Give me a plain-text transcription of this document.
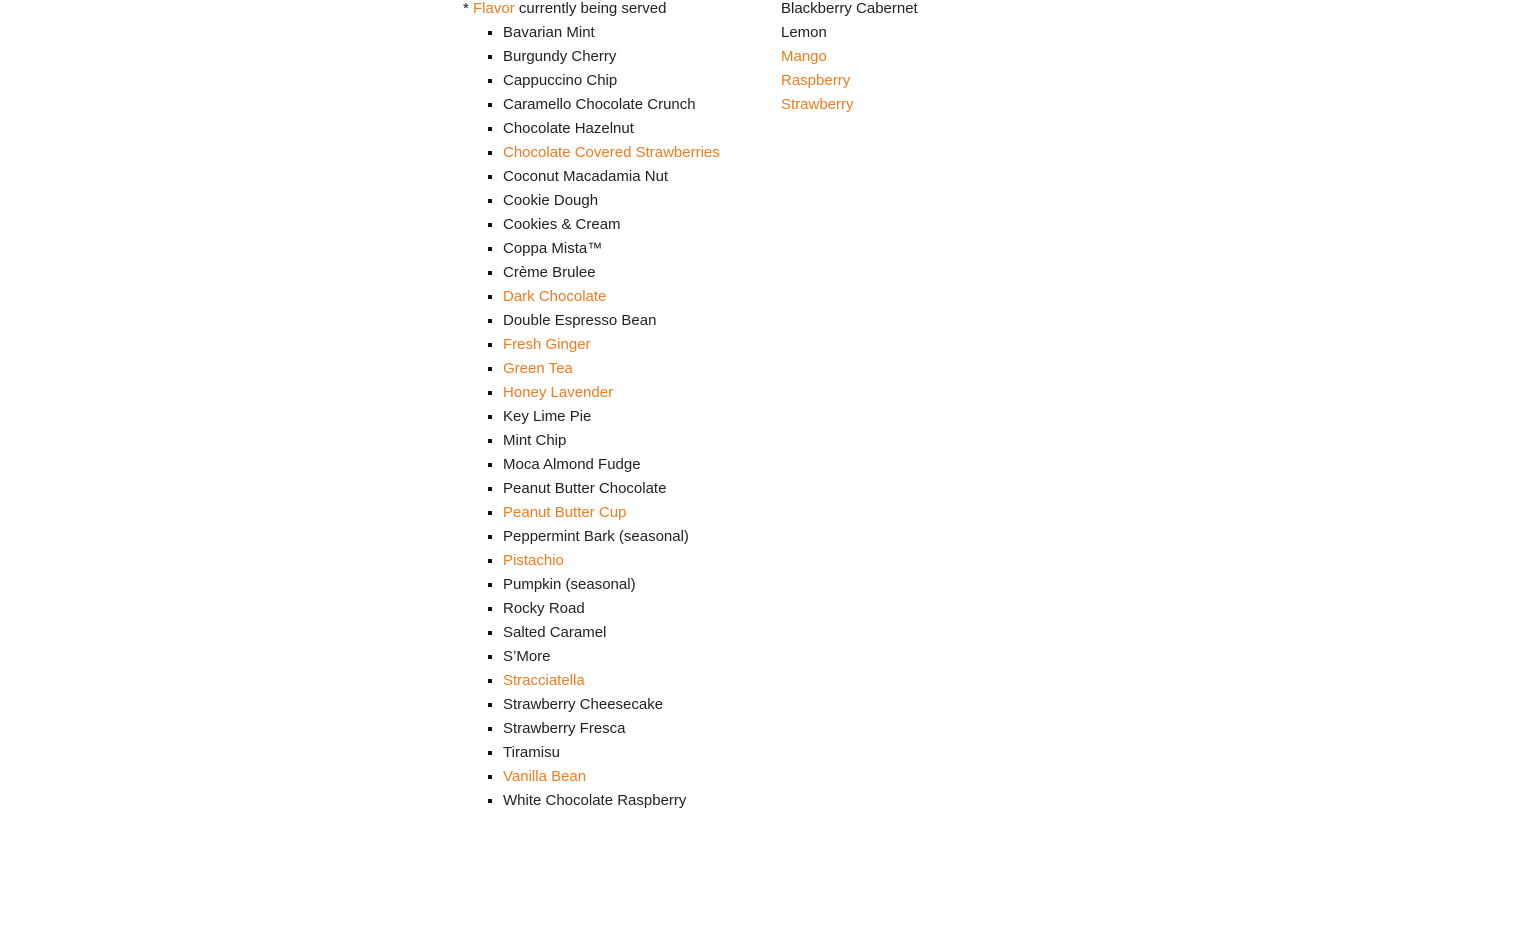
* Flavor currently being served

▪ Bavarian Mint
▪ Burgundy Cherry
▪ Cappuccino Chip
▪ Caramello Chocolate Crunch
▪ Chocolate Hazelnut
▪ Chocolate Covered Strawberries
▪ Coconut Macadamia Nut
▪ Cookie Dough
▪ Cookies & Cream
▪ Coppa Mista™
▪ Crème Brulee
▪ Dark Chocolate
▪ Double Espresso Bean
▪ Fresh Ginger
▪ Green Tea
▪ Honey Lavender
▪ Key Lime Pie
▪ Mint Chip
▪ Moca Almond Fudge
▪ Peanut Butter Chocolate
▪ Peanut Butter Cup
▪ Peppermint Bark (seasonal)
▪ Pistachio
▪ Pumpkin (seasonal)
▪ Rocky Road
▪ Salted Caramel
▪ S’More
▪ Stracciatella
▪ Strawberry Cheesecake
▪ Strawberry Fresca
▪ Tiramisu
▪ Vanilla Bean
▪ White Chocolate Raspberry
Blackberry Cabernet
Lemon
Mango
Raspberry
Strawberry
